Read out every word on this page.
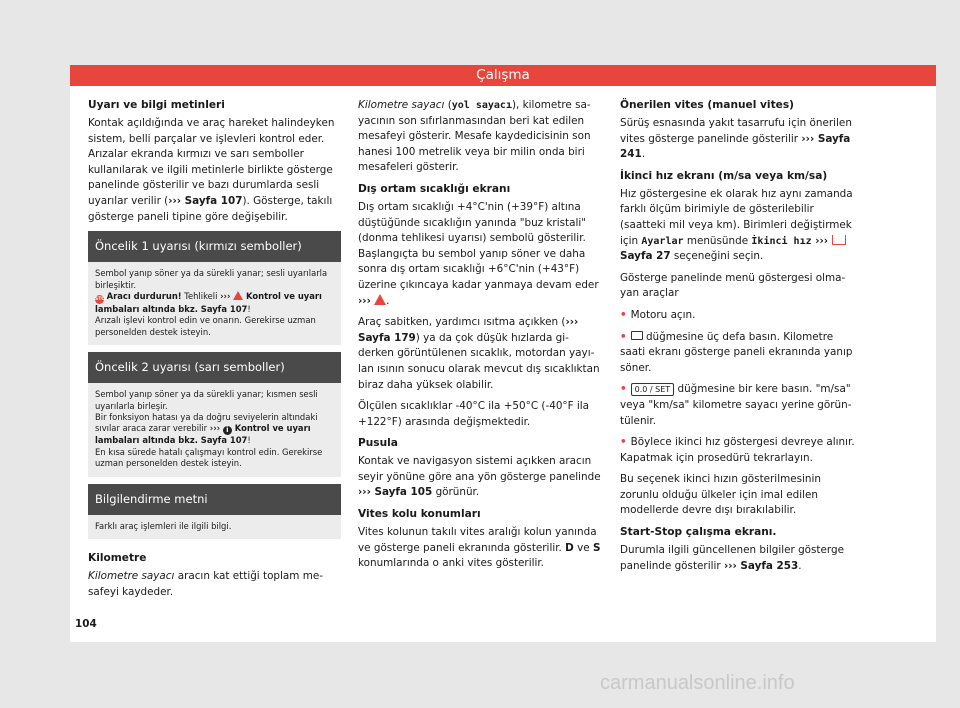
Çalışma
Uyarı ve bilgi metinleri

Kontak açıldığında ve araç hareket halindeyken sistem, belli parçalar ve işlevleri kontrol eder. Arızalar ekranda kırmızı ve sarı semboller kullanılarak ve ilgili metinlerle birlikte gösterge panelinde gösterilir ve bazı durumlarda sesli uyarılar verilir (››› Sayfa 107). Gösterge, takılı gösterge paneli tipine göre değişebilir.

Öncelik 1 uyarısı (kırmızı semboller)
Sembol yanıp söner ya da sürekli yanar; sesli uyarılarla birleşiktir.
STOP Aracı durdurun! Tehlikeli ›››  Kontrol ve uyarı lambaları altında bkz. Sayfa 107!
Arızalı işlevi kontrol edin ve onarın. Gerekirse uzman personelden destek isteyin.
Öncelik 2 uyarısı (sarı semboller)
Sembol yanıp söner ya da sürekli yanar; kısmen sesli uyarılarla birleşir.
Bir fonksiyon hatası ya da doğru seviyelerin altındaki sıvılar araca zarar verebilir ››› i Kontrol ve uyarı lambaları altında bkz. Sayfa 107!
En kısa sürede hatalı çalışmayı kontrol edin. Gerekirse uzman personelden destek isteyin.
Bilgilendirme metni
Farklı araç işlemleri ile ilgili bilgi.
Kilometre

Kilometre sayacı aracın kat ettiği toplam mesafeyi kaydeder.

Kilometre sayacı (yol sayacı), kilometre sayacının son sıfırlanmasından beri kat edilen mesafeyi gösterir. Mesafe kaydedicisinin son hanesi 100 metrelik veya bir milin onda biri mesafeleri gösterir.

Dış ortam sıcaklığı ekranı

Dış ortam sıcaklığı +4°C'nin (+39°F) altına düştüğünde sıcaklığın yanında "buz kristali" (donma tehlikesi uyarısı) sembolü gösterilir. Başlangıçta bu sembol yanıp söner ve daha sonra dış ortam sıcaklığı +6°C'nin (+43°F) üzerine çıkıncaya kadar yanmaya devam eder ››› .

Araç sabitken, yardımcı ısıtma açıkken (››› Sayfa 179) ya da çok düşük hızlarda giderken görüntülenen sıcaklık, motordan yayılan ısının sonucu olarak mevcut dış sıcaklıktan biraz daha yüksek olabilir.

Ölçülen sıcaklıklar -40°C ila +50°C (-40°F ila +122°F) arasında değişmektedir.

Pusula

Kontak ve navigasyon sistemi açıkken aracın seyir yönüne göre ana yön gösterge panelinde ››› Sayfa 105 görünür.

Vites kolu konumları

Vites kolunun takılı vites aralığı kolun yanında ve gösterge paneli ekranında gösterilir. D ve S konumlarında o anki vites gösterilir.

Önerilen vites (manuel vites)

Sürüş esnasında yakıt tasarrufu için önerilen vites gösterge panelinde gösterilir ››› Sayfa 241.

İkinci hız ekranı (m/sa veya km/sa)

Hız göstergesine ek olarak hız aynı zamanda farklı ölçüm birimiyle de gösterilebilir (saatteki mil veya km). Birimleri değiştirmek için Ayarlar menüsünde İkinci hız ›››  Sayfa 27 seçeneğini seçin.

Gösterge panelinde menü göstergesi olmayan araçlar

• Motoru açın.

• düğmesine üç defa basın. Kilometre saati ekranı gösterge paneli ekranında yanıp söner.

• 0.0 / SET düğmesine bir kere basın. "m/sa" veya "km/sa" kilometre sayacı yerine görüntülenir.

• Böylece ikinci hız göstergesi devreye alınır. Kapatmak için prosedürü tekrarlayın.

Bu seçenek ikinci hızın gösterilmesinin zorunlu olduğu ülkeler için imal edilen modellerde devre dışı bırakılabilir.

Start-Stop çalışma ekranı.

Durumla ilgili güncellenen bilgiler gösterge panelinde gösterilir ››› Sayfa 253.

104
carmanualsonline.info
